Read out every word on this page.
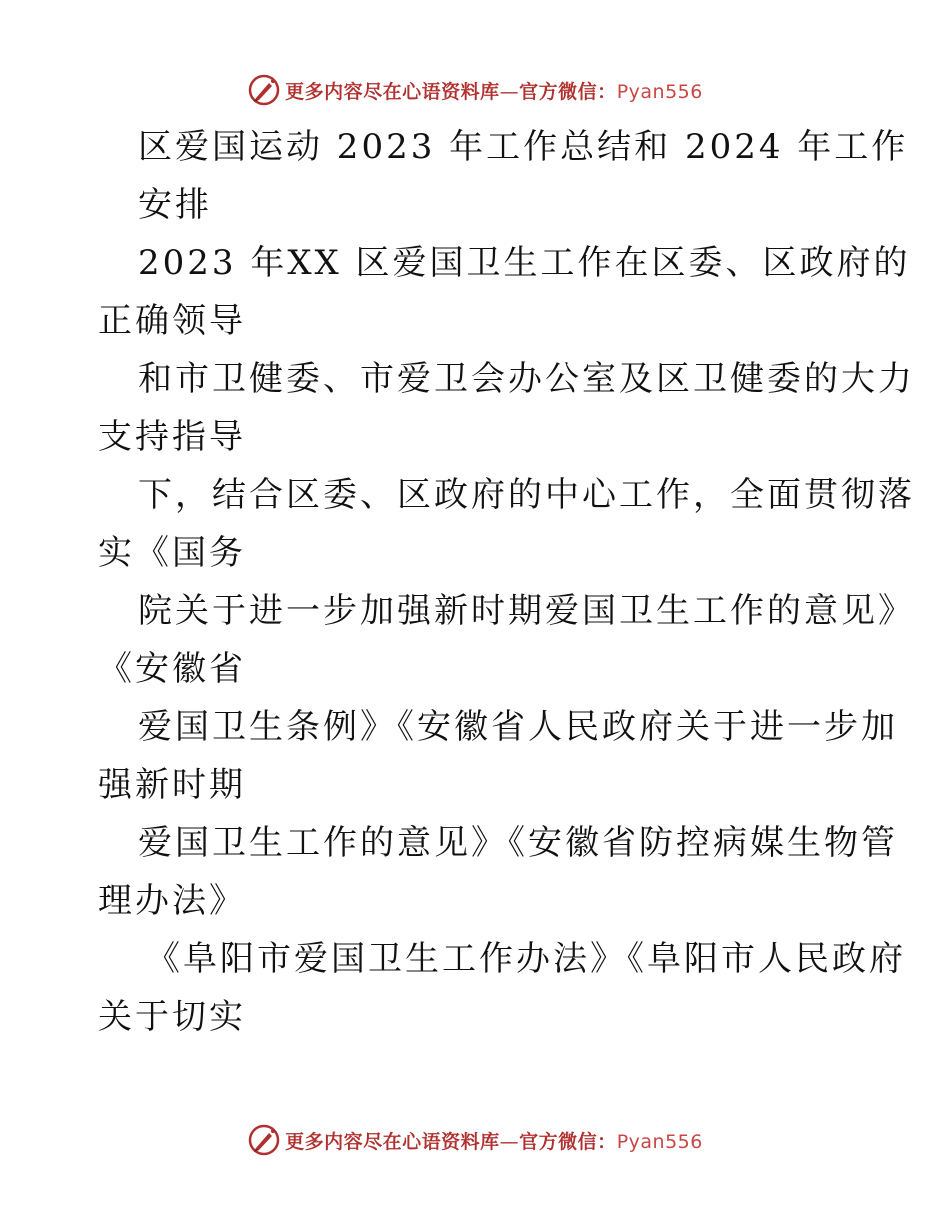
更多内容尽在心语资料库—官方微信：Pyan556
区爱国运动 2023 年工作总结和 2024 年工作
安排
2023 年XX 区爱国卫生工作在区委、区政府的
正确领导
和市卫健委、市爱卫会办公室及区卫健委的大力
支持指导
下，结合区委、区政府的中心工作，全面贯彻落
实《国务
院关于进一步加强新时期爱国卫生工作的意见》
《安徽省
爱国卫生条例》《安徽省人民政府关于进一步加
强新时期
爱国卫生工作的意见》《安徽省防控病媒生物管
理办法》
《阜阳市爱国卫生工作办法》《阜阳市人民政府
关于切实
更多内容尽在心语资料库—官方微信：Pyan556
